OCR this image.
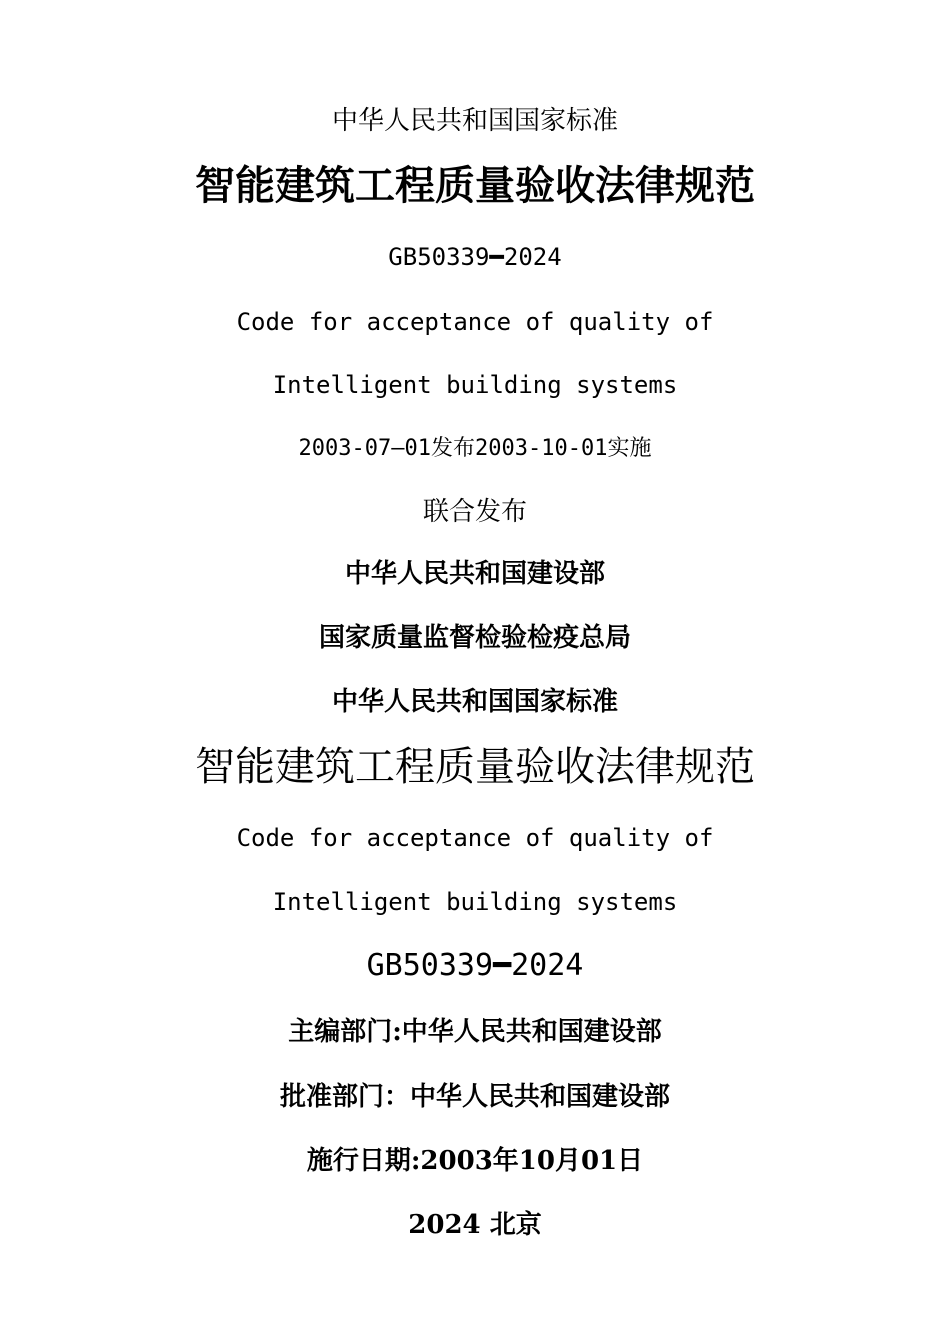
中华人民共和国国家标准
智能建筑工程质量验收法律规范
GB50339━2024
Code for acceptance of quality of
Intelligent building systems
2003-07—01发布2003-10-01实施
联合发布
中华人民共和国建设部
国家质量监督检验检疫总局
中华人民共和国国家标准
智能建筑工程质量验收法律规范
Code for acceptance of quality of
Intelligent building systems
GB50339━2024
主编部门:中华人民共和国建设部
批准部门：中华人民共和国建设部
施行日期:2003年10月01日
2024 北京
